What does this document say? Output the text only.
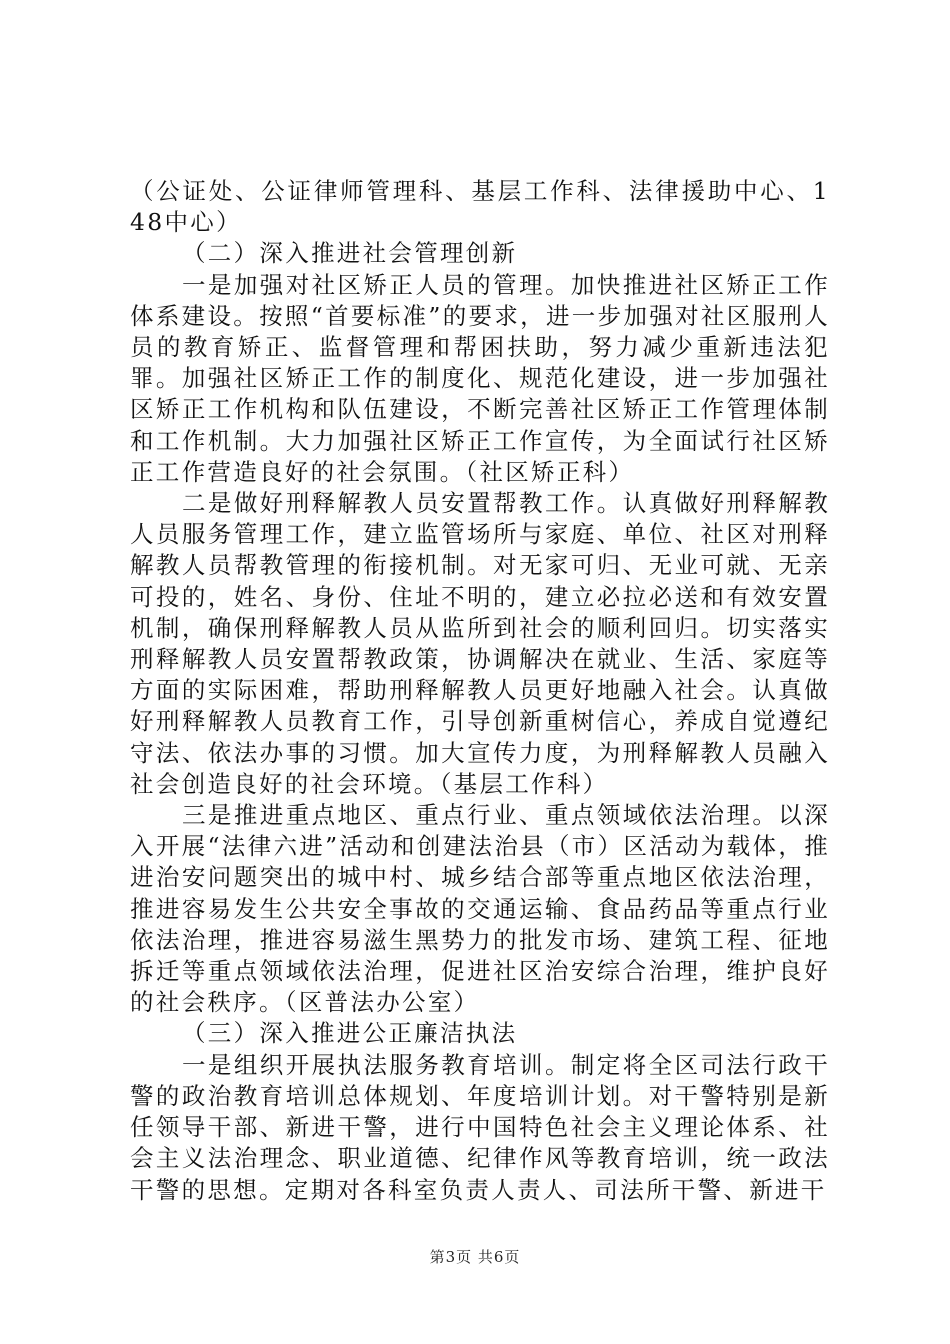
（公证处、公证律师管理科、基层工作科、法律援助中心、148中心）

（二）深入推进社会管理创新

一是加强对社区矫正人员的管理。加快推进社区矫正工作体系建设。按照“首要标准”的要求，进一步加强对社区服刑人员的教育矫正、监督管理和帮困扶助，努力减少重新违法犯罪。加强社区矫正工作的制度化、规范化建设，进一步加强社区矫正工作机构和队伍建设，不断完善社区矫正工作管理体制和工作机制。大力加强社区矫正工作宣传，为全面试行社区矫正工作营造良好的社会氛围。（社区矫正科）

二是做好刑释解教人员安置帮教工作。认真做好刑释解教人员服务管理工作，建立监管场所与家庭、单位、社区对刑释解教人员帮教管理的衔接机制。对无家可归、无业可就、无亲可投的，姓名、身份、住址不明的，建立必拉必送和有效安置机制，确保刑释解教人员从监所到社会的顺利回归。切实落实刑释解教人员安置帮教政策，协调解决在就业、生活、家庭等方面的实际困难，帮助刑释解教人员更好地融入社会。认真做好刑释解教人员教育工作，引导创新重树信心，养成自觉遵纪守法、依法办事的习惯。加大宣传力度，为刑释解教人员融入社会创造良好的社会环境。（基层工作科）

三是推进重点地区、重点行业、重点领域依法治理。以深入开展“法律六进”活动和创建法治县（市）区活动为载体，推进治安问题突出的城中村、城乡结合部等重点地区依法治理，推进容易发生公共安全事故的交通运输、食品药品等重点行业依法治理，推进容易滋生黑势力的批发市场、建筑工程、征地拆迁等重点领域依法治理，促进社区治安综合治理，维护良好的社会秩序。（区普法办公室）

（三）深入推进公正廉洁执法

一是组织开展执法服务教育培训。制定将全区司法行政干警的政治教育培训总体规划、年度培训计划。对干警特别是新任领导干部、新进干警，进行中国特色社会主义理论体系、社会主义法治理念、职业道德、纪律作风等教育培训，统一政法干警的思想。定期对各科室负责人责人、司法所干警、新进干

第3页 共6页
